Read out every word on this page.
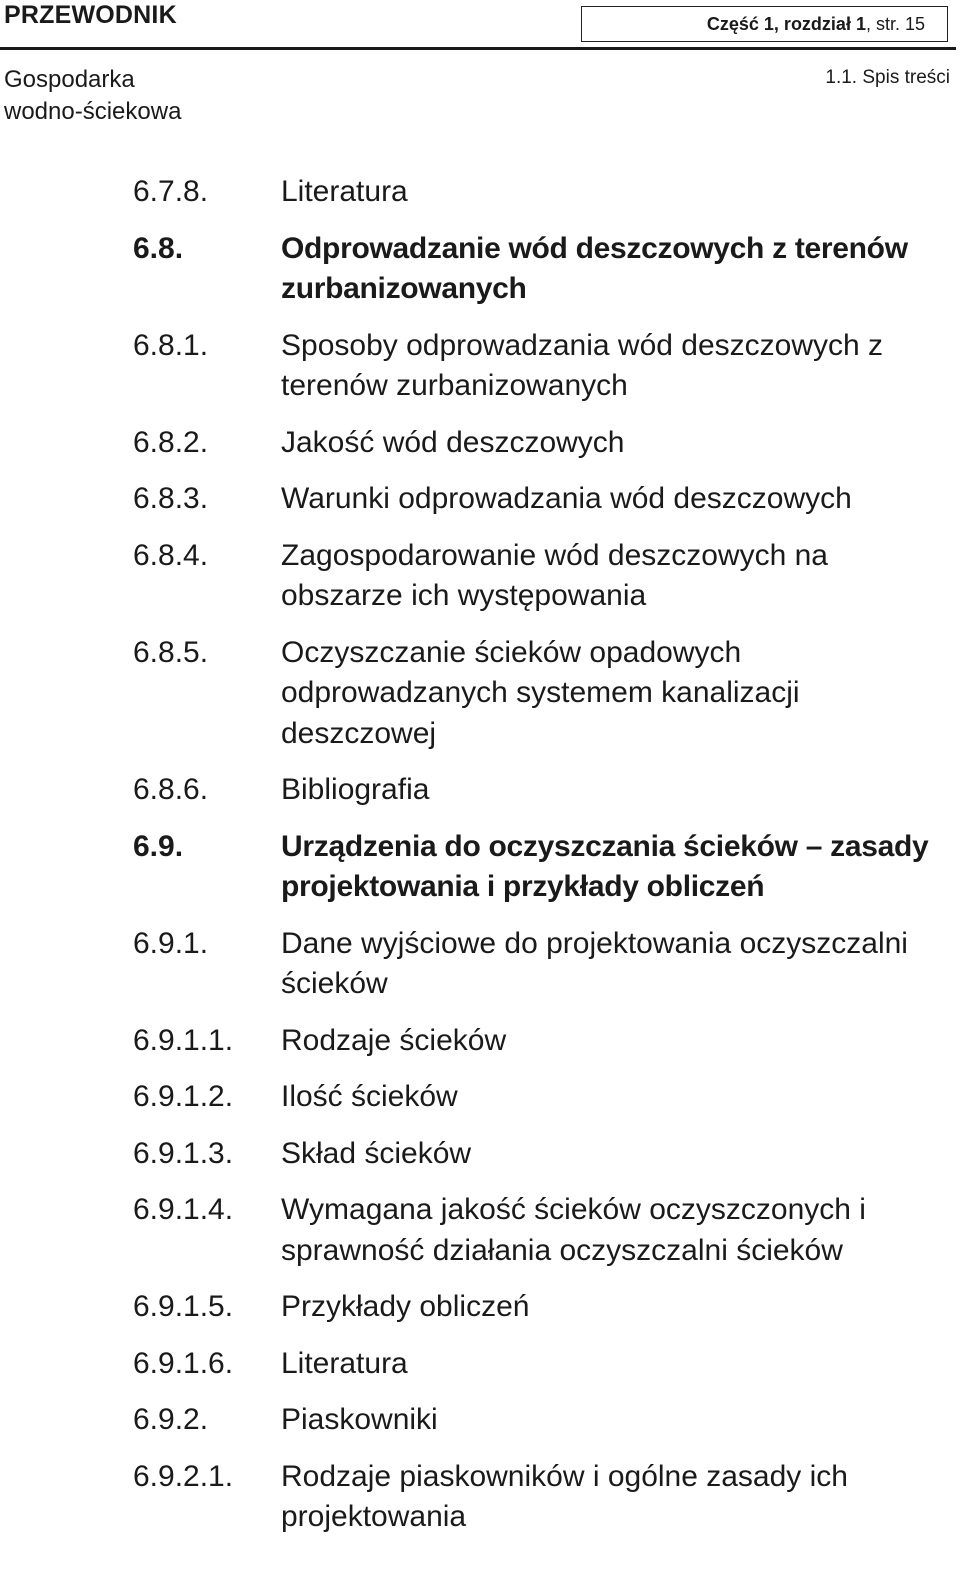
PRZEWODNIK	Część 1, rozdział 1, str. 15
Gospodarka
wodno-ściekowa
1.1. Spis treści
6.7.8.	Literatura
6.8.	Odprowadzanie wód deszczowych z terenów zurbanizowanych
6.8.1.	Sposoby odprowadzania wód deszczowych z terenów zurbanizowanych
6.8.2.	Jakość wód deszczowych
6.8.3.	Warunki odprowadzania wód deszczowych
6.8.4.	Zagospodarowanie wód deszczowych na obszarze ich występowania
6.8.5.	Oczyszczanie ścieków opadowych odprowadzanych systemem kanalizacji deszczowej
6.8.6.	Bibliografia
6.9.	Urządzenia do oczyszczania ścieków – zasady projektowania i przykłady obliczeń
6.9.1.	Dane wyjściowe do projektowania oczyszczalni ścieków
6.9.1.1.	Rodzaje ścieków
6.9.1.2.	Ilość ścieków
6.9.1.3.	Skład ścieków
6.9.1.4.	Wymagana jakość ścieków oczyszczonych i sprawność działania oczyszczalni ścieków
6.9.1.5.	Przykłady obliczeń
6.9.1.6.	Literatura
6.9.2.	Piaskowniki
6.9.2.1.	Rodzaje piaskowników i ogólne zasady ich projektowania
